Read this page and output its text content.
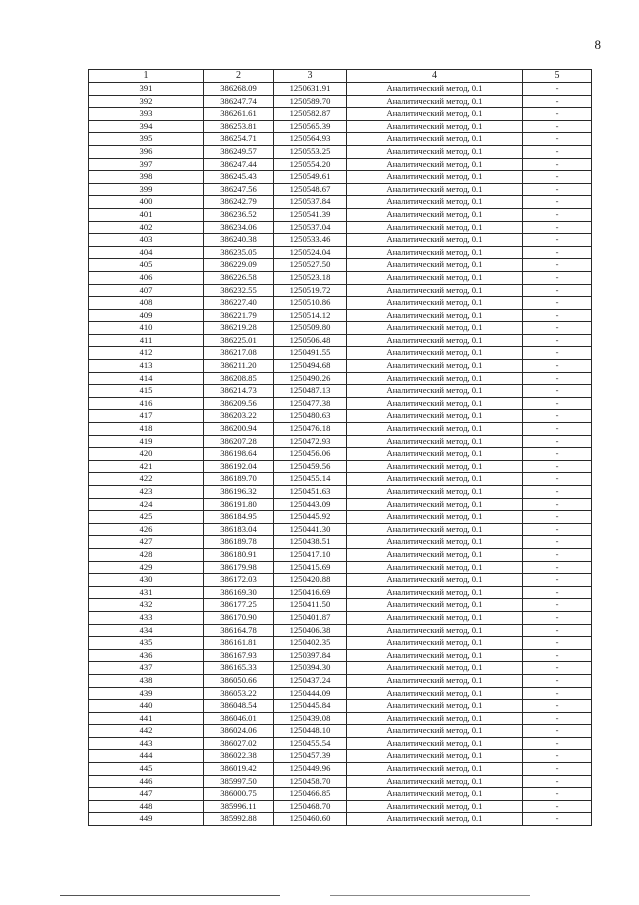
8
1	2	3	4	5
391	386268.09	1250631.91	Аналитический метод, 0.1	-
392	386247.74	1250589.70	Аналитический метод, 0.1	-
393	386261.61	1250582.87	Аналитический метод, 0.1	-
394	386253.81	1250565.39	Аналитический метод, 0.1	-
395	386254.71	1250564.93	Аналитический метод, 0.1	-
396	386249.57	1250553.25	Аналитический метод, 0.1	-
397	386247.44	1250554.20	Аналитический метод, 0.1	-
398	386245.43	1250549.61	Аналитический метод, 0.1	-
399	386247.56	1250548.67	Аналитический метод, 0.1	-
400	386242.79	1250537.84	Аналитический метод, 0.1	-
401	386236.52	1250541.39	Аналитический метод, 0.1	-
402	386234.06	1250537.04	Аналитический метод, 0.1	-
403	386240.38	1250533.46	Аналитический метод, 0.1	-
404	386235.05	1250524.04	Аналитический метод, 0.1	-
405	386229.09	1250527.50	Аналитический метод, 0.1	-
406	386226.58	1250523.18	Аналитический метод, 0.1	-
407	386232.55	1250519.72	Аналитический метод, 0.1	-
408	386227.40	1250510.86	Аналитический метод, 0.1	-
409	386221.79	1250514.12	Аналитический метод, 0.1	-
410	386219.28	1250509.80	Аналитический метод, 0.1	-
411	386225.01	1250506.48	Аналитический метод, 0.1	-
412	386217.08	1250491.55	Аналитический метод, 0.1	-
413	386211.20	1250494.68	Аналитический метод, 0.1	-
414	386208.85	1250490.26	Аналитический метод, 0.1	-
415	386214.73	1250487.13	Аналитический метод, 0.1	-
416	386209.56	1250477.38	Аналитический метод, 0.1	-
417	386203.22	1250480.63	Аналитический метод, 0.1	-
418	386200.94	1250476.18	Аналитический метод, 0.1	-
419	386207.28	1250472.93	Аналитический метод, 0.1	-
420	386198.64	1250456.06	Аналитический метод, 0.1	-
421	386192.04	1250459.56	Аналитический метод, 0.1	-
422	386189.70	1250455.14	Аналитический метод, 0.1	-
423	386196.32	1250451.63	Аналитический метод, 0.1	-
424	386191.80	1250443.09	Аналитический метод, 0.1	-
425	386184.95	1250445.92	Аналитический метод, 0.1	-
426	386183.04	1250441.30	Аналитический метод, 0.1	-
427	386189.78	1250438.51	Аналитический метод, 0.1	-
428	386180.91	1250417.10	Аналитический метод, 0.1	-
429	386179.98	1250415.69	Аналитический метод, 0.1	-
430	386172.03	1250420.88	Аналитический метод, 0.1	-
431	386169.30	1250416.69	Аналитический метод, 0.1	-
432	386177.25	1250411.50	Аналитический метод, 0.1	-
433	386170.90	1250401.87	Аналитический метод, 0.1	-
434	386164.78	1250406.38	Аналитический метод, 0.1	-
435	386161.81	1250402.35	Аналитический метод, 0.1	-
436	386167.93	1250397.84	Аналитический метод, 0.1	-
437	386165.33	1250394.30	Аналитический метод, 0.1	-
438	386050.66	1250437.24	Аналитический метод, 0.1	-
439	386053.22	1250444.09	Аналитический метод, 0.1	-
440	386048.54	1250445.84	Аналитический метод, 0.1	-
441	386046.01	1250439.08	Аналитический метод, 0.1	-
442	386024.06	1250448.10	Аналитический метод, 0.1	-
443	386027.02	1250455.54	Аналитический метод, 0.1	-
444	386022.38	1250457.39	Аналитический метод, 0.1	-
445	386019.42	1250449.96	Аналитический метод, 0.1	-
446	385997.50	1250458.70	Аналитический метод, 0.1	-
447	386000.75	1250466.85	Аналитический метод, 0.1	-
448	385996.11	1250468.70	Аналитический метод, 0.1	-
449	385992.88	1250460.60	Аналитический метод, 0.1	-
